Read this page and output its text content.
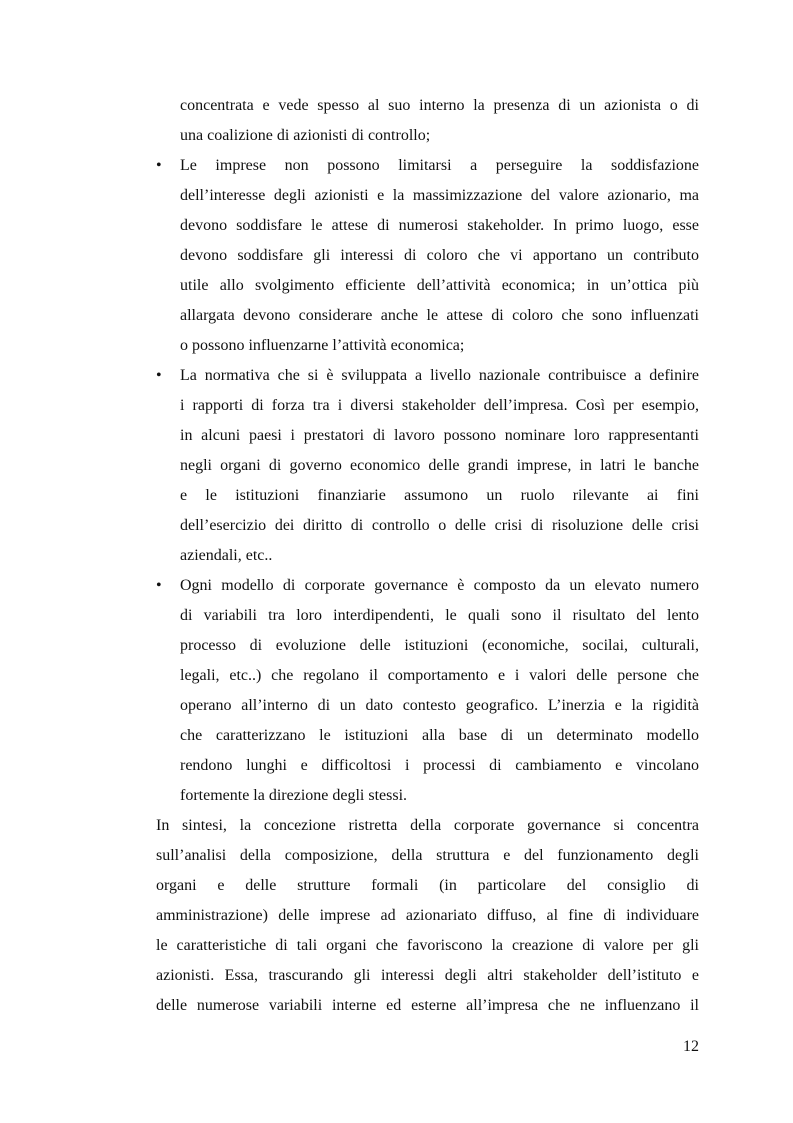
concentrata e vede spesso al suo interno la presenza di un azionista o di
una coalizione di azionisti di controllo;
•	Le imprese non possono limitarsi a perseguire la soddisfazione
dell’interesse degli azionisti e la massimizzazione del valore azionario, ma
devono soddisfare le attese di numerosi stakeholder. In primo luogo, esse
devono soddisfare gli interessi di coloro che vi apportano un contributo
utile allo svolgimento efficiente dell’attività economica; in un’ottica più
allargata devono considerare anche le attese di coloro che sono influenzati
o possono influenzarne l’attività economica;
•	La normativa che si è sviluppata a livello nazionale contribuisce a definire
i rapporti di forza tra i diversi stakeholder dell’impresa. Così per esempio,
in alcuni paesi i prestatori di lavoro possono nominare loro rappresentanti
negli organi di governo economico delle grandi imprese, in latri le banche
e le istituzioni finanziarie assumono un ruolo rilevante ai fini
dell’esercizio dei diritto di controllo o delle crisi di risoluzione delle crisi
aziendali, etc..
•	Ogni modello di corporate governance è composto da un elevato numero
di variabili tra loro interdipendenti, le quali sono il risultato del lento
processo di evoluzione delle istituzioni (economiche, socilai, culturali,
legali, etc..) che regolano il comportamento e i valori delle persone che
operano all’interno di un dato contesto geografico. L’inerzia e la rigidità
che caratterizzano le istituzioni alla base di un determinato modello
rendono lunghi e difficoltosi i processi di cambiamento e vincolano
fortemente la direzione degli stessi.
In sintesi, la concezione ristretta della corporate governance si concentra
sull’analisi della composizione, della struttura e del funzionamento degli
organi e delle strutture formali (in particolare del consiglio di
amministrazione) delle imprese ad azionariato diffuso, al fine di individuare
le caratteristiche di tali organi che favoriscono la creazione di valore per gli
azionisti. Essa, trascurando gli interessi degli altri stakeholder dell’istituto e
delle numerose variabili interne ed esterne all’impresa che ne influenzano il
12
